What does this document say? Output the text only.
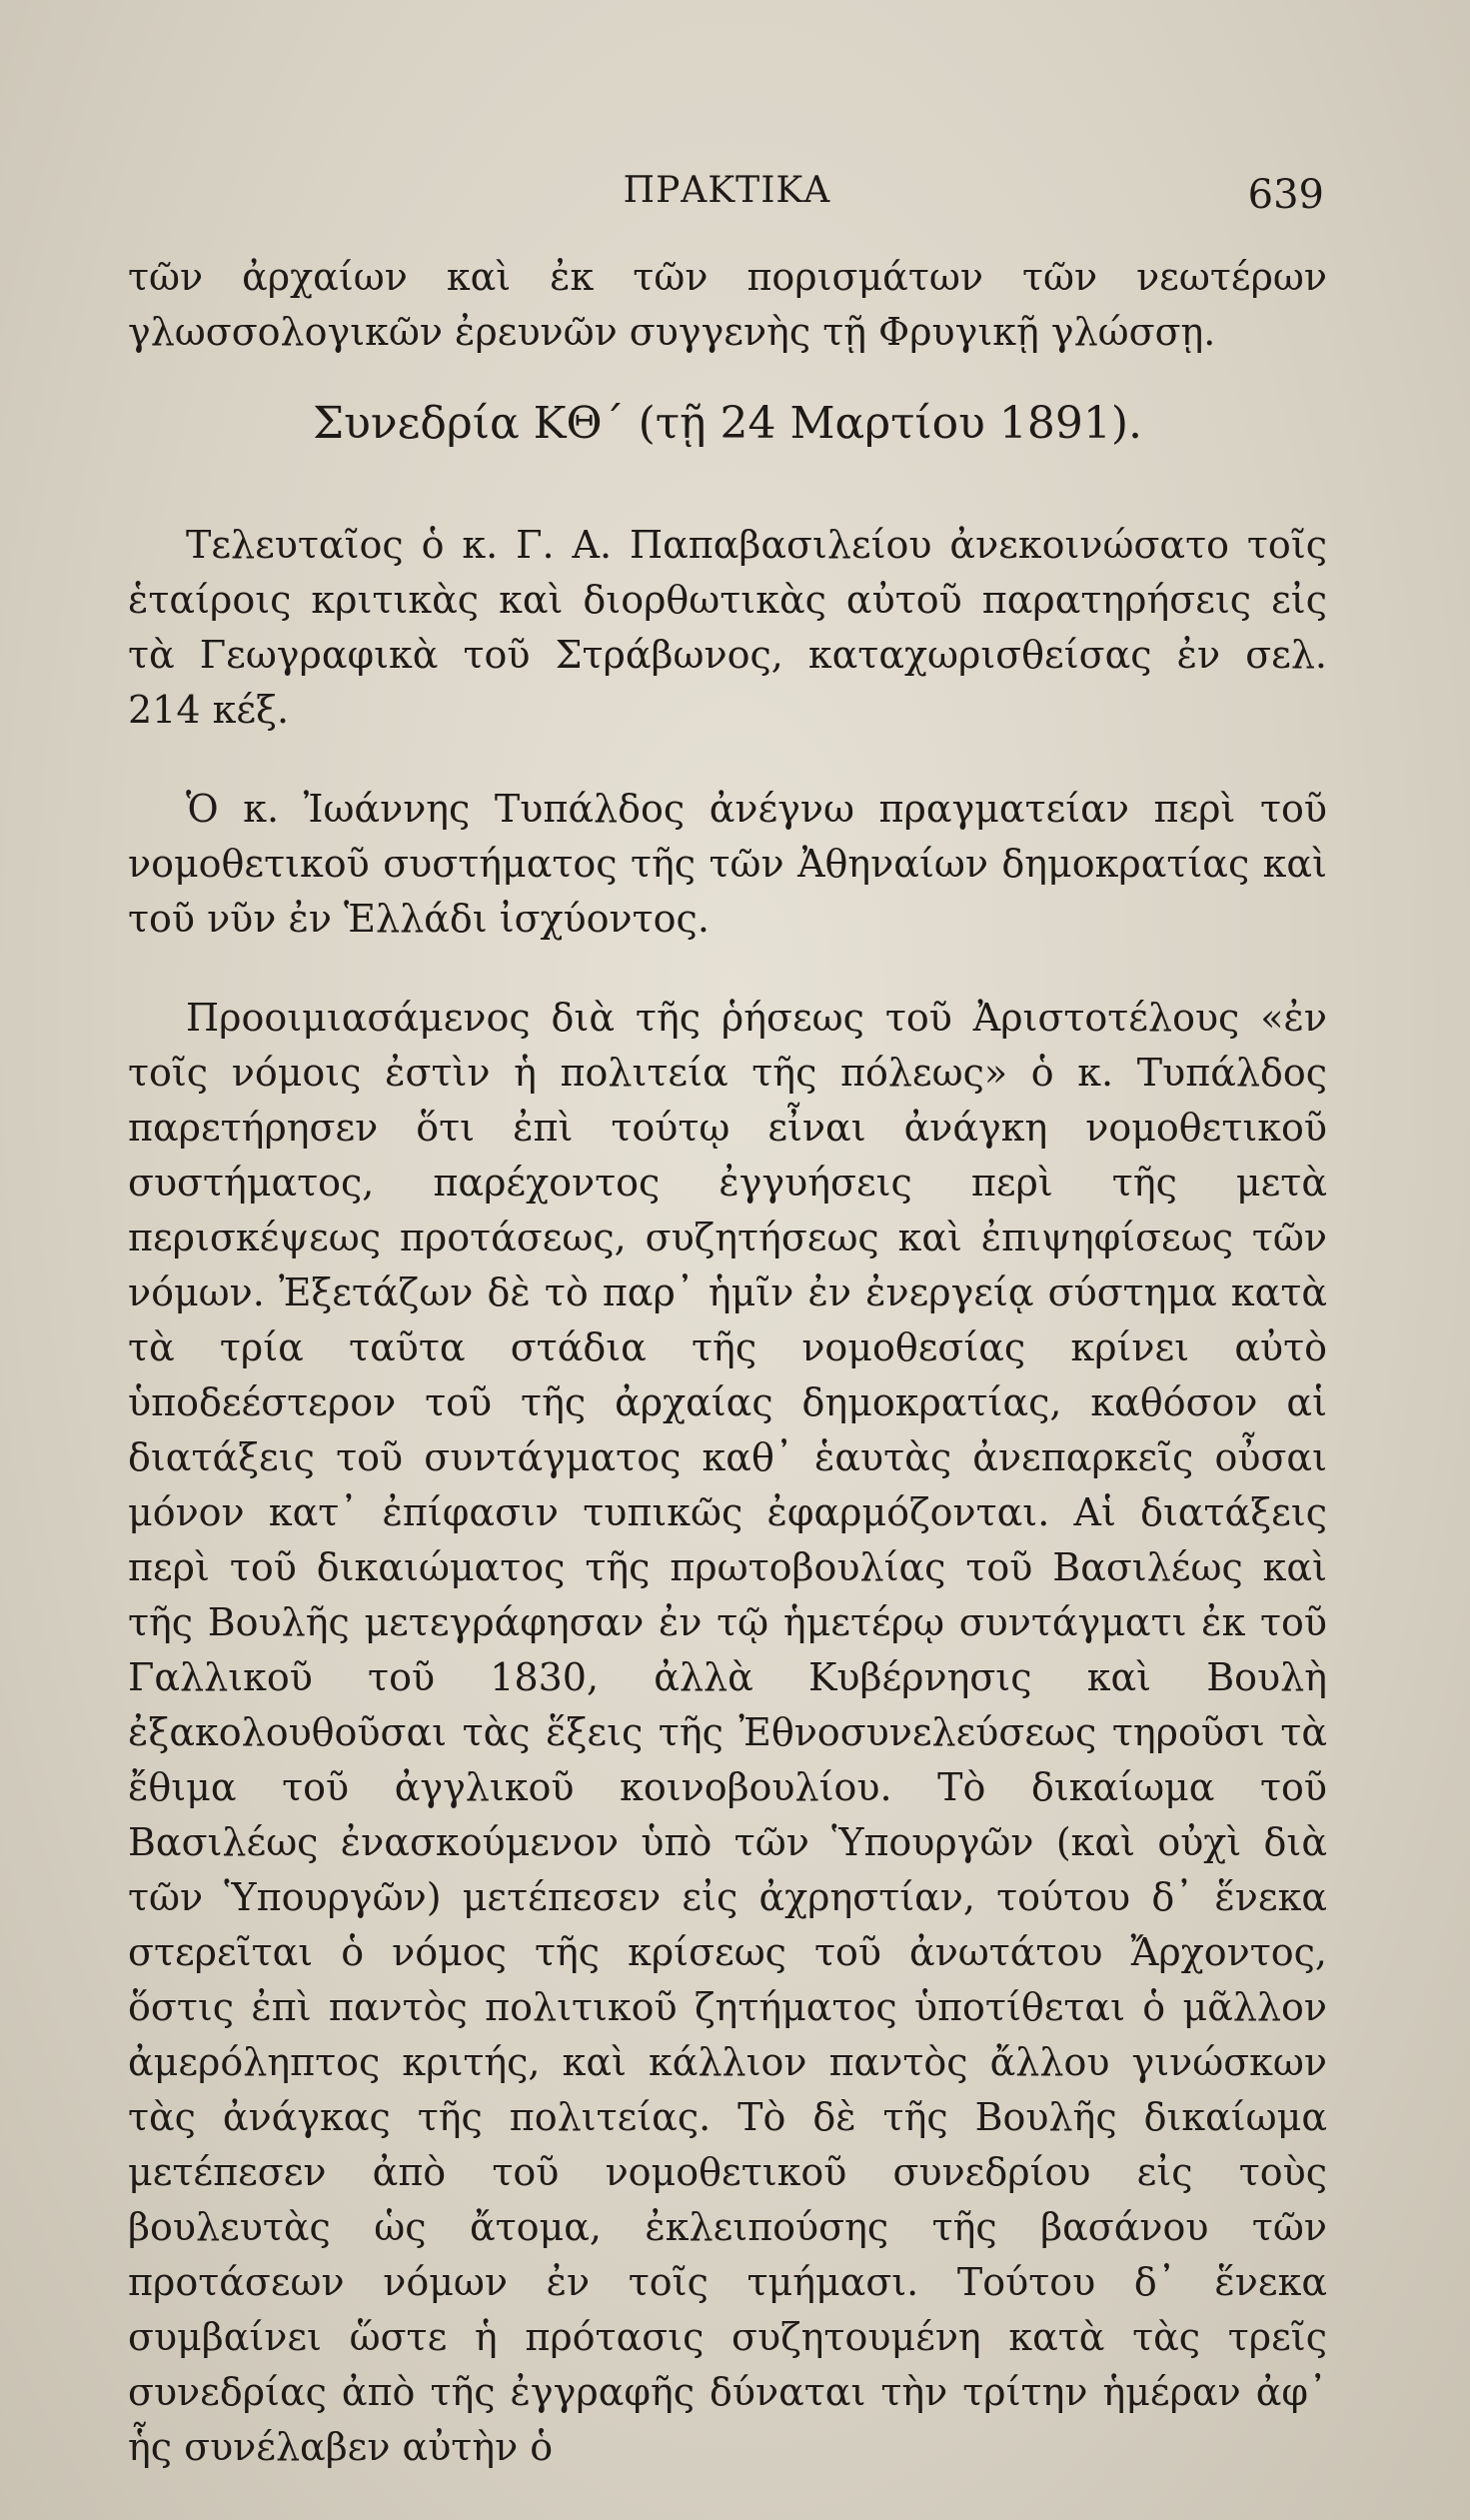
ΠΡΑΚΤΙΚΑ	639

τῶν ἀρχαίων καὶ ἐκ τῶν πορισμάτων τῶν νεωτέρων γλωσσολογικῶν ἐρευνῶν συγγενὴς τῇ Φρυγικῇ γλώσσῃ.

Συνεδρία ΚΘ΄ (τῇ 24 Μαρτίου 1891).

Τελευταῖος ὁ κ. Γ. Α. Παπαβασιλείου ἀνεκοινώσατο τοῖς ἑταίροις κριτικὰς καὶ διορθωτικὰς αὐτοῦ παρατηρήσεις εἰς τὰ Γεωγραφικὰ τοῦ Στράβωνος, καταχωρισθείσας ἐν σελ. 214 κέξ.

Ὁ κ. Ἰωάννης Τυπάλδος ἀνέγνω πραγματείαν περὶ τοῦ νομοθετικοῦ συστήματος τῆς τῶν Ἀθηναίων δημοκρατίας καὶ τοῦ νῦν ἐν Ἑλλάδι ἰσχύοντος.

Προοιμιασάμενος διὰ τῆς ῥήσεως τοῦ Ἀριστοτέλους «ἐν τοῖς νόμοις ἐστὶν ἡ πολιτεία τῆς πόλεως» ὁ κ. Τυπάλδος παρετήρησεν ὅτι ἐπὶ τούτῳ εἶναι ἀνάγκη νομοθετικοῦ συστήματος, παρέχοντος ἐγγυήσεις περὶ τῆς μετὰ περισκέψεως προτάσεως, συζητήσεως καὶ ἐπιψηφίσεως τῶν νόμων. Ἐξετάζων δὲ τὸ παρ᾽ ἡμῖν ἐν ἐνεργείᾳ σύστημα κατὰ τὰ τρία ταῦτα στάδια τῆς νομοθεσίας κρίνει αὐτὸ ὑποδεέστερον τοῦ τῆς ἀρχαίας δημοκρατίας, καθόσον αἱ διατάξεις τοῦ συντάγματος καθ᾽ ἑαυτὰς ἀνεπαρκεῖς οὖσαι μόνον κατ᾽ ἐπίφασιν τυπικῶς ἐφαρμόζονται. Αἱ διατάξεις περὶ τοῦ δικαιώματος τῆς πρωτοβουλίας τοῦ Βασιλέως καὶ τῆς Βουλῆς μετεγράφησαν ἐν τῷ ἡμετέρῳ συντάγματι ἐκ τοῦ Γαλλικοῦ τοῦ 1830, ἀλλὰ Κυβέρνησις καὶ Βουλὴ ἐξακολουθοῦσαι τὰς ἕξεις τῆς Ἐθνοσυνελεύσεως τηροῦσι τὰ ἔθιμα τοῦ ἀγγλικοῦ κοινοβουλίου. Τὸ δικαίωμα τοῦ Βασιλέως ἐνασκούμενον ὑπὸ τῶν Ὑπουργῶν (καὶ οὐχὶ διὰ τῶν Ὑπουργῶν) μετέπεσεν εἰς ἀχρηστίαν, τούτου δ᾽ ἕνεκα στερεῖται ὁ νόμος τῆς κρίσεως τοῦ ἀνωτάτου Ἄρχοντος, ὅστις ἐπὶ παντὸς πολιτικοῦ ζητήματος ὑποτίθεται ὁ μᾶλλον ἀμερόληπτος κριτής, καὶ κάλλιον παντὸς ἄλλου γινώσκων τὰς ἀνάγκας τῆς πολιτείας. Τὸ δὲ τῆς Βουλῆς δικαίωμα μετέπεσεν ἀπὸ τοῦ νομοθετικοῦ συνεδρίου εἰς τοὺς βουλευτὰς ὡς ἄτομα, ἐκλειπούσης τῆς βασάνου τῶν προτάσεων νόμων ἐν τοῖς τμήμασι. Τούτου δ᾽ ἕνεκα συμβαίνει ὥστε ἡ πρότασις συζητουμένη κατὰ τὰς τρεῖς συνεδρίας ἀπὸ τῆς ἐγγραφῆς δύναται τὴν τρίτην ἡμέραν ἀφ᾽ ἧς συνέλαβεν αὐτὴν ὁ
